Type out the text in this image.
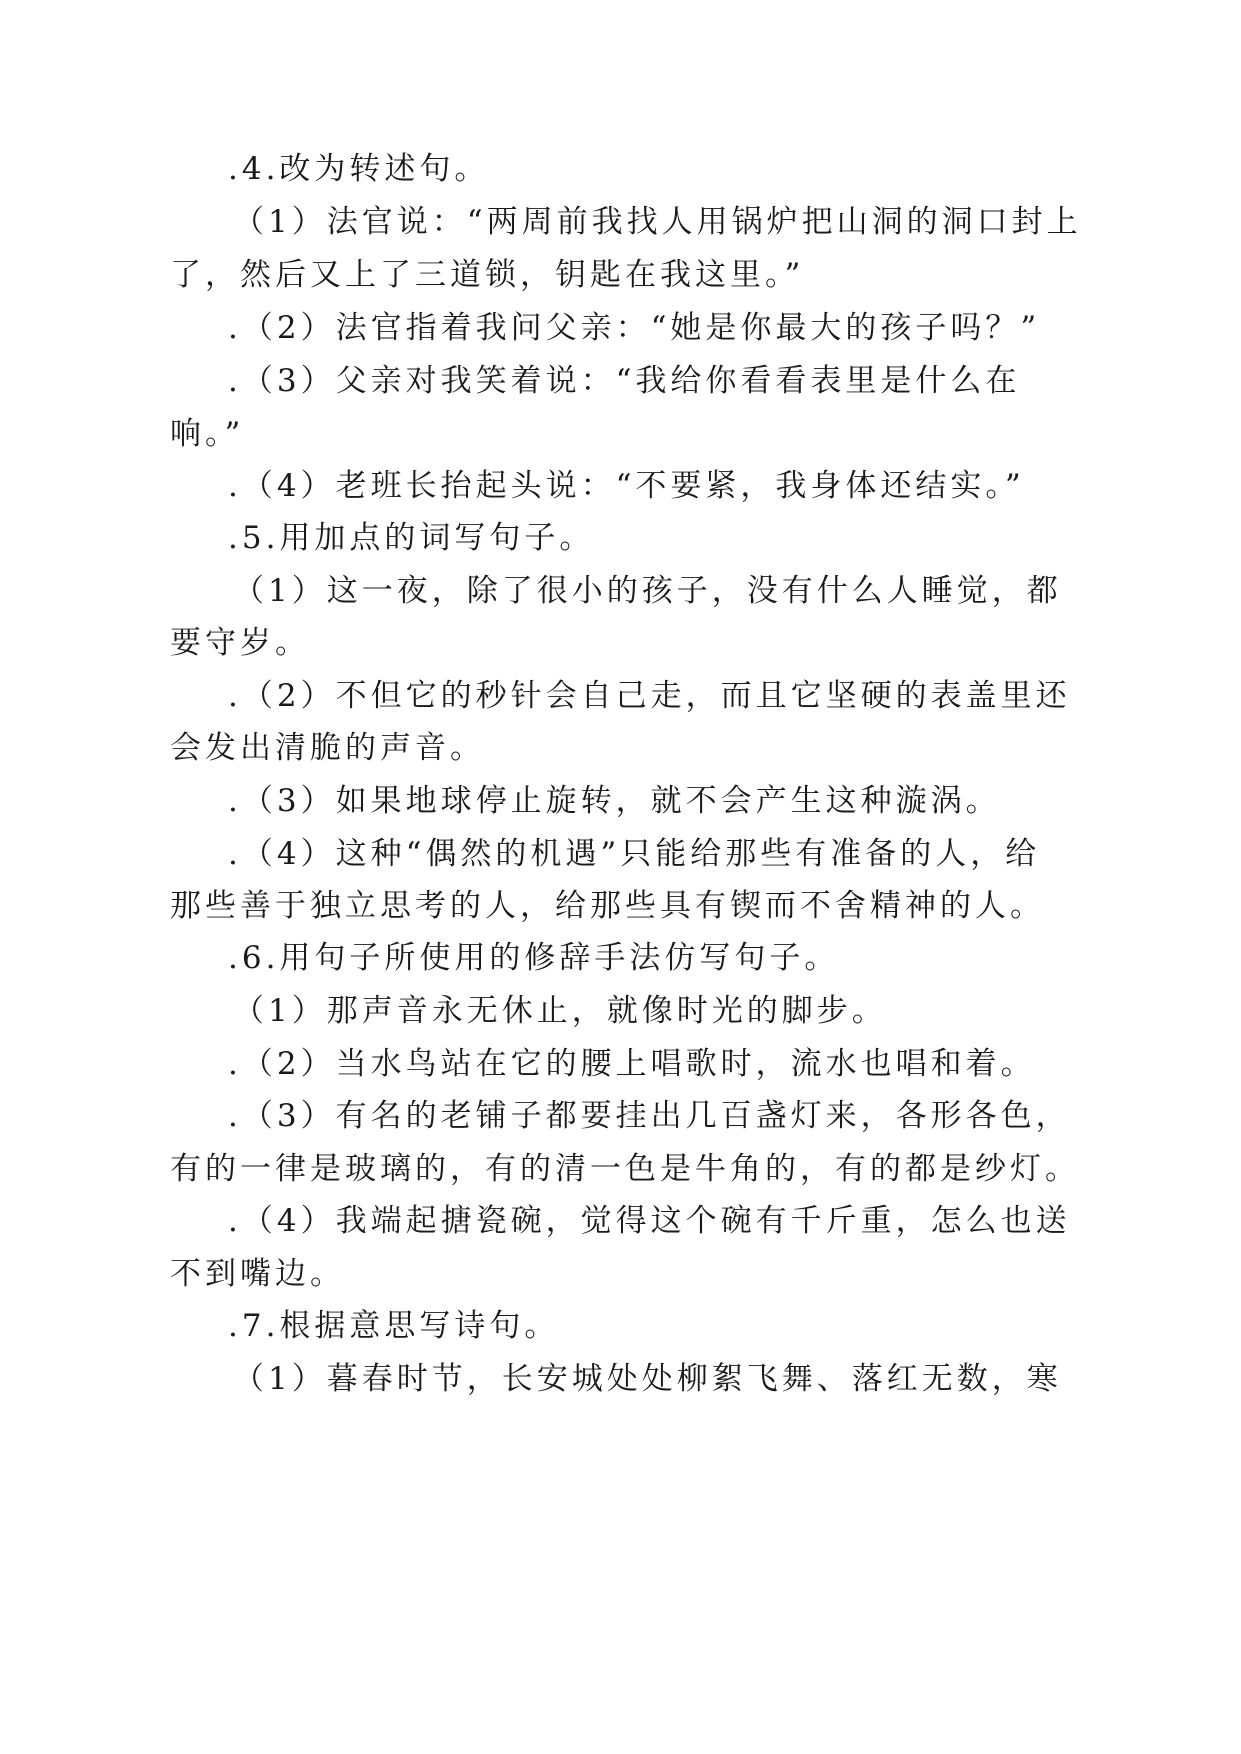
.4.改为转述句。
（1）法官说：“两周前我找人用锅炉把山洞的洞口封上
了，然后又上了三道锁，钥匙在我这里。”
.（2）法官指着我问父亲：“她是你最大的孩子吗？”
.（3）父亲对我笑着说：“我给你看看表里是什么在
响。”
.（4）老班长抬起头说：“不要紧，我身体还结实。”
.5.用加点的词写句子。
（1）这一夜，除了很小的孩子，没有什么人睡觉，都
要守岁。
.（2）不但它的秒针会自己走，而且它坚硬的表盖里还
会发出清脆的声音。
.（3）如果地球停止旋转，就不会产生这种漩涡。
.（4）这种“偶然的机遇”只能给那些有准备的人，给
那些善于独立思考的人，给那些具有锲而不舍精神的人。
.6.用句子所使用的修辞手法仿写句子。
（1）那声音永无休止，就像时光的脚步。
.（2）当水鸟站在它的腰上唱歌时，流水也唱和着。
.（3）有名的老铺子都要挂出几百盏灯来，各形各色，
有的一律是玻璃的，有的清一色是牛角的，有的都是纱灯。
.（4）我端起搪瓷碗，觉得这个碗有千斤重，怎么也送
不到嘴边。
.7.根据意思写诗句。
（1）暮春时节，长安城处处柳絮飞舞、落红无数，寒
